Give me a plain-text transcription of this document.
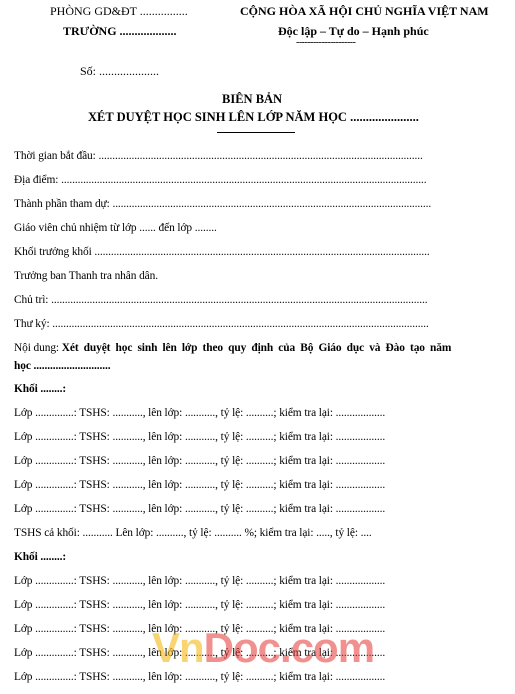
PHÒNG GD&ĐT ................
TRƯỜNG ...................
CỘNG HÒA XÃ HỘI CHỦ NGHĨA VIỆT NAM
Độc lập – Tự do – Hạnh phúc
---------------------
Số: ....................
BIÊN BẢN
XÉT DUYỆT HỌC SINH LÊN LỚP NĂM HỌC ......................
Thời gian bắt đầu: ......................................................................................................................
Địa điểm: .....................................................................................................................................
Thành phần tham dự: ....................................................................................................................
Giáo viên chủ nhiệm từ lớp ...... đến lớp ........
Khối trưởng khối ..........................................................................................................................
Trưởng ban Thanh tra nhân dân.
Chủ trì: .........................................................................................................................................
Thư ký: .........................................................................................................................................
Nội dung: Xét duyệt học sinh lên lớp theo quy định của Bộ Giáo dục và Đào tạo năm
học ............................
Khối ........:
Lớp ..............: TSHS: ..........., lên lớp: ..........., tỷ lệ: ..........; kiểm tra lại: ..................
Lớp ..............: TSHS: ..........., lên lớp: ..........., tỷ lệ: ..........; kiểm tra lại: ..................
Lớp ..............: TSHS: ..........., lên lớp: ..........., tỷ lệ: ..........; kiểm tra lại: ..................
Lớp ..............: TSHS: ..........., lên lớp: ..........., tỷ lệ: ..........; kiểm tra lại: ..................
Lớp ..............: TSHS: ..........., lên lớp: ..........., tỷ lệ: ..........; kiểm tra lại: ..................
TSHS cả khối: ........... Lên lớp: .........., tỷ lệ: .......... %; kiểm tra lại: ....., tỷ lệ: ....
Khối ........:
Lớp ..............: TSHS: ..........., lên lớp: ..........., tỷ lệ: ..........; kiểm tra lại: ..................
Lớp ..............: TSHS: ..........., lên lớp: ..........., tỷ lệ: ..........; kiểm tra lại: ..................
Lớp ..............: TSHS: ..........., lên lớp: ..........., tỷ lệ: ..........; kiểm tra lại: ..................
Lớp ..............: TSHS: ..........., lên lớp: ..........., tỷ lệ: ..........; kiểm tra lại: ..................
Lớp ..............: TSHS: ..........., lên lớp: ..........., tỷ lệ: ..........; kiểm tra lại: ..................
VnDoc.com
